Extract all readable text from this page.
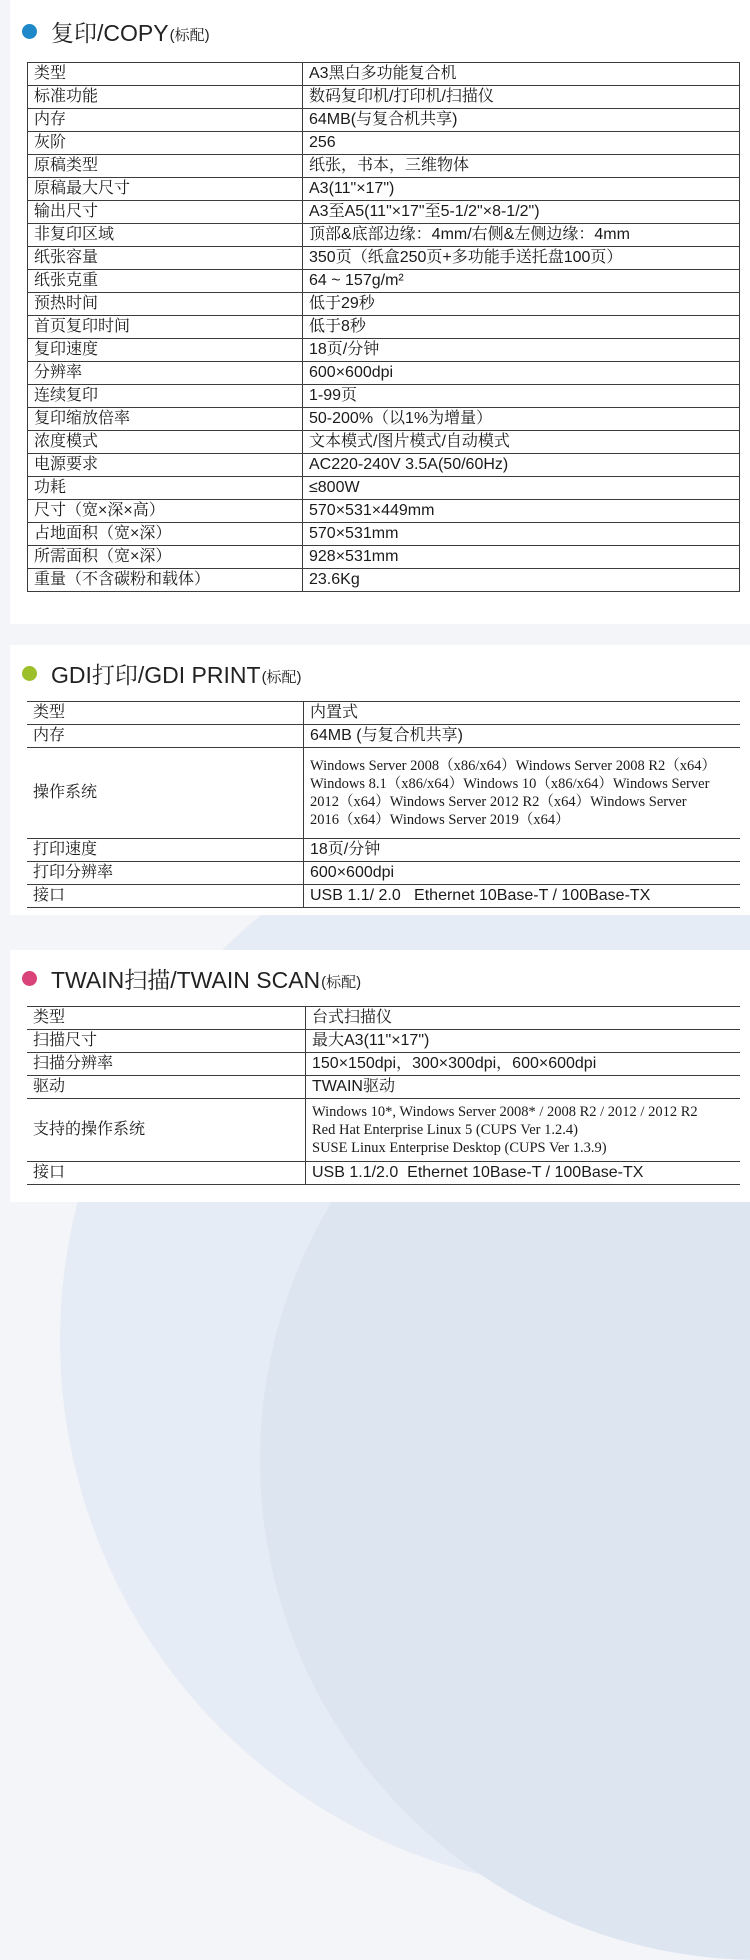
复印/COPY (标配)
类型	A3黑白多功能复合机
标准功能	数码复印机/打印机/扫描仪
内存	64MB(与复合机共享)
灰阶	256
原稿类型	纸张，书本，三维物体
原稿最大尺寸	A3(11"×17")
输出尺寸	A3至A5(11"×17"至5-1/2"×8-1/2")
非复印区域	顶部&底部边缘：4mm/右侧&左侧边缘：4mm
纸张容量	350页（纸盒250页+多功能手送托盘100页）
纸张克重	64 ~ 157g/m²
预热时间	低于29秒
首页复印时间	低于8秒
复印速度	18页/分钟
分辨率	600×600dpi
连续复印	1-99页
复印缩放倍率	50-200%（以1%为增量）
浓度模式	文本模式/图片模式/自动模式
电源要求	AC220-240V 3.5A(50/60Hz)
功耗	≤800W
尺寸（宽×深×高）	570×531×449mm
占地面积（宽×深）	570×531mm
所需面积（宽×深）	928×531mm
重量（不含碳粉和载体）	23.6Kg
GDI打印/GDI PRINT (标配)
类型	内置式
内存	64MB (与复合机共享)
操作系统	Windows Server 2008（x86/x64）Windows Server 2008 R2（x64）
Windows 8.1（x86/x64）Windows 10（x86/x64）Windows Server
2012（x64）Windows Server 2012 R2（x64）Windows Server
2016（x64）Windows Server 2019（x64）

打印速度	18页/分钟
打印分辨率	600×600dpi
接口	USB 1.1/ 2.0   Ethernet 10Base-T / 100Base-TX
TWAIN扫描/TWAIN SCAN (标配)
类型	台式扫描仪
扫描尺寸	最大A3(11"×17")
扫描分辨率	150×150dpi，300×300dpi，600×600dpi
驱动	TWAIN驱动
支持的操作系统	Windows 10*, Windows Server 2008* / 2008 R2 / 2012 / 2012 R2
Red Hat Enterprise Linux 5 (CUPS Ver 1.2.4)
SUSE Linux Enterprise Desktop (CUPS Ver 1.3.9)

接口	USB 1.1/2.0  Ethernet 10Base-T / 100Base-TX
